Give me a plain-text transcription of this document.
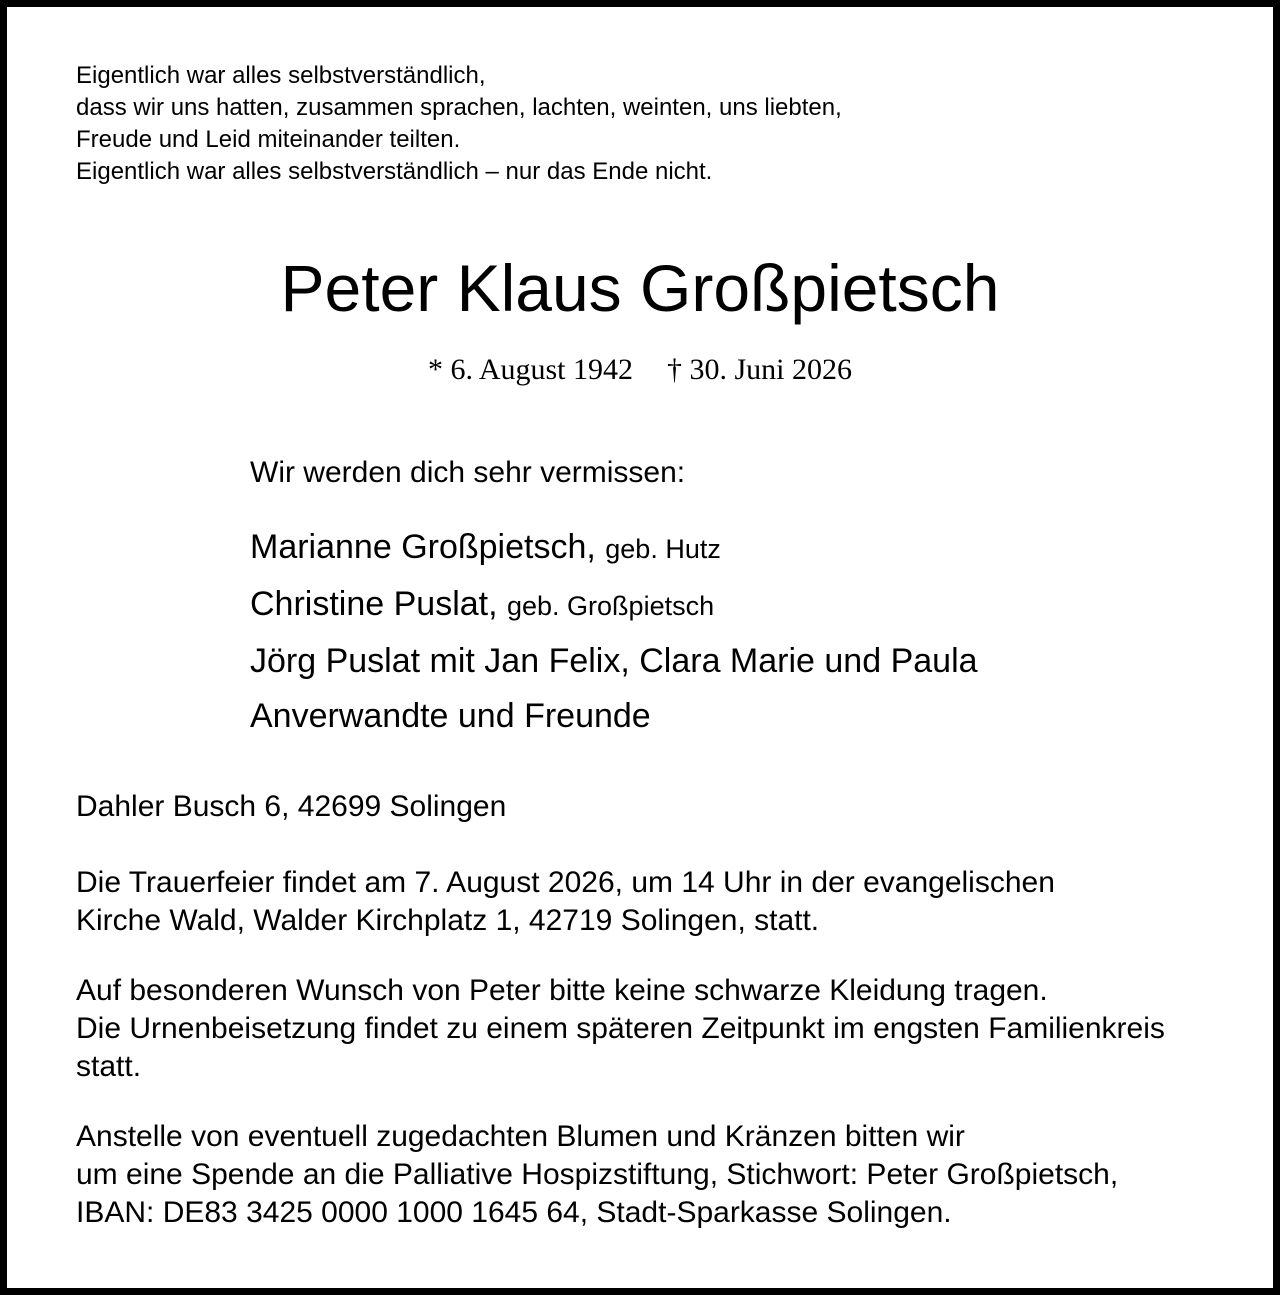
Eigentlich war alles selbstverständlich,
dass wir uns hatten, zusammen sprachen, lachten, weinten, uns liebten,
Freude und Leid miteinander teilten.
Eigentlich war alles selbstverständlich – nur das Ende nicht.
Peter Klaus Großpietsch
* 6. August 1942 † 30. Juni 2026
Wir werden dich sehr vermissen:
Marianne Großpietsch, geb. Hutz
Christine Puslat, geb. Großpietsch
Jörg Puslat mit Jan Felix, Clara Marie und Paula
Anverwandte und Freunde
Dahler Busch 6, 42699 Solingen
Die Trauerfeier findet am 7. August 2026, um 14 Uhr in der evangelischen
Kirche Wald, Walder Kirchplatz 1, 42719 Solingen, statt.
Auf besonderen Wunsch von Peter bitte keine schwarze Kleidung tragen.
Die Urnenbeisetzung findet zu einem späteren Zeitpunkt im engsten Familienkreis
statt.
Anstelle von eventuell zugedachten Blumen und Kränzen bitten wir
um eine Spende an die Palliative Hospizstiftung, Stichwort: Peter Großpietsch,
IBAN: DE83 3425 0000 1000 1645 64, Stadt-Sparkasse Solingen.
